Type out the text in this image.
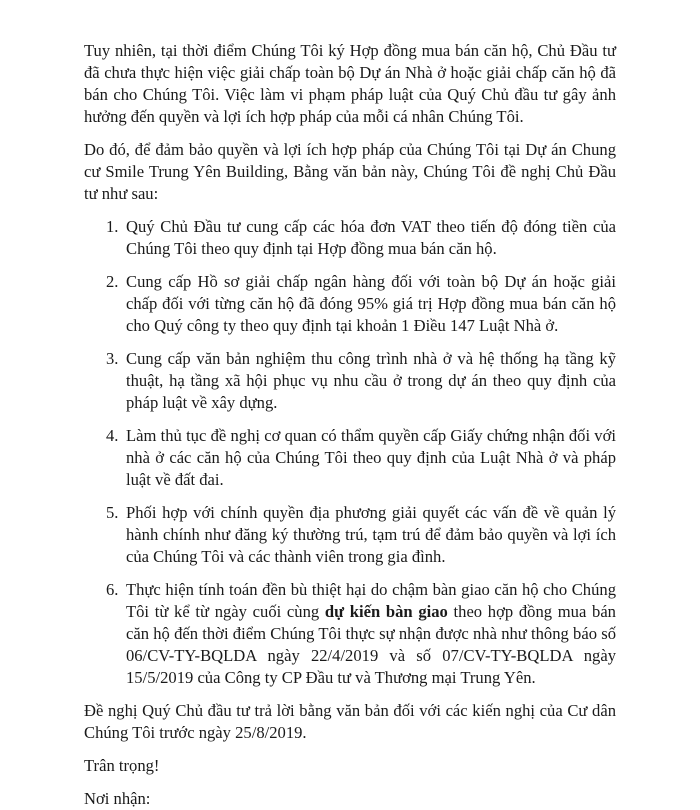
Tuy nhiên, tại thời điểm Chúng Tôi ký Hợp đồng mua bán căn hộ, Chủ Đầu tư đã chưa thực hiện việc giải chấp toàn bộ Dự án Nhà ở hoặc giải chấp căn hộ đã bán cho Chúng Tôi. Việc làm vi phạm pháp luật của Quý Chủ đầu tư gây ảnh hưởng đến quyền và lợi ích hợp pháp của mỗi cá nhân Chúng Tôi.

Do đó, để đảm bảo quyền và lợi ích hợp pháp của Chúng Tôi tại Dự án Chung cư Smile Trung Yên Building, Bằng văn bản này, Chúng Tôi đề nghị Chủ Đầu tư như sau:

1. Quý Chủ Đầu tư cung cấp các hóa đơn VAT theo tiến độ đóng tiền của Chúng Tôi theo quy định tại Hợp đồng mua bán căn hộ.
2. Cung cấp Hồ sơ giải chấp ngân hàng đối với toàn bộ Dự án hoặc giải chấp đối với từng căn hộ đã đóng 95% giá trị Hợp đồng mua bán căn hộ cho Quý công ty theo quy định tại khoản 1 Điều 147 Luật Nhà ở.
3. Cung cấp văn bản nghiệm thu công trình nhà ở và hệ thống hạ tầng kỹ thuật, hạ tầng xã hội phục vụ nhu cầu ở trong dự án theo quy định của pháp luật về xây dựng.
4. Làm thủ tục đề nghị cơ quan có thẩm quyền cấp Giấy chứng nhận đối với nhà ở các căn hộ của Chúng Tôi theo quy định của Luật Nhà ở và pháp luật về đất đai.
5. Phối hợp với chính quyền địa phương giải quyết các vấn đề về quản lý hành chính như đăng ký thường trú, tạm trú để đảm bảo quyền và lợi ích của Chúng Tôi và các thành viên trong gia đình.
6. Thực hiện tính toán đền bù thiệt hại do chậm bàn giao căn hộ cho Chúng Tôi từ kể từ ngày cuối cùng dự kiến bàn giao theo hợp đồng mua bán căn hộ đến thời điểm Chúng Tôi thực sự nhận được nhà như thông báo số 06/CV-TY-BQLDA ngày 22/4/2019 và số 07/CV-TY-BQLDA ngày 15/5/2019 của Công ty CP Đầu tư và Thương mại Trung Yên.

Đề nghị Quý Chủ đầu tư trả lời bằng văn bản đối với các kiến nghị của Cư dân Chúng Tôi trước ngày 25/8/2019.

Trân trọng!

Nơi nhận:
